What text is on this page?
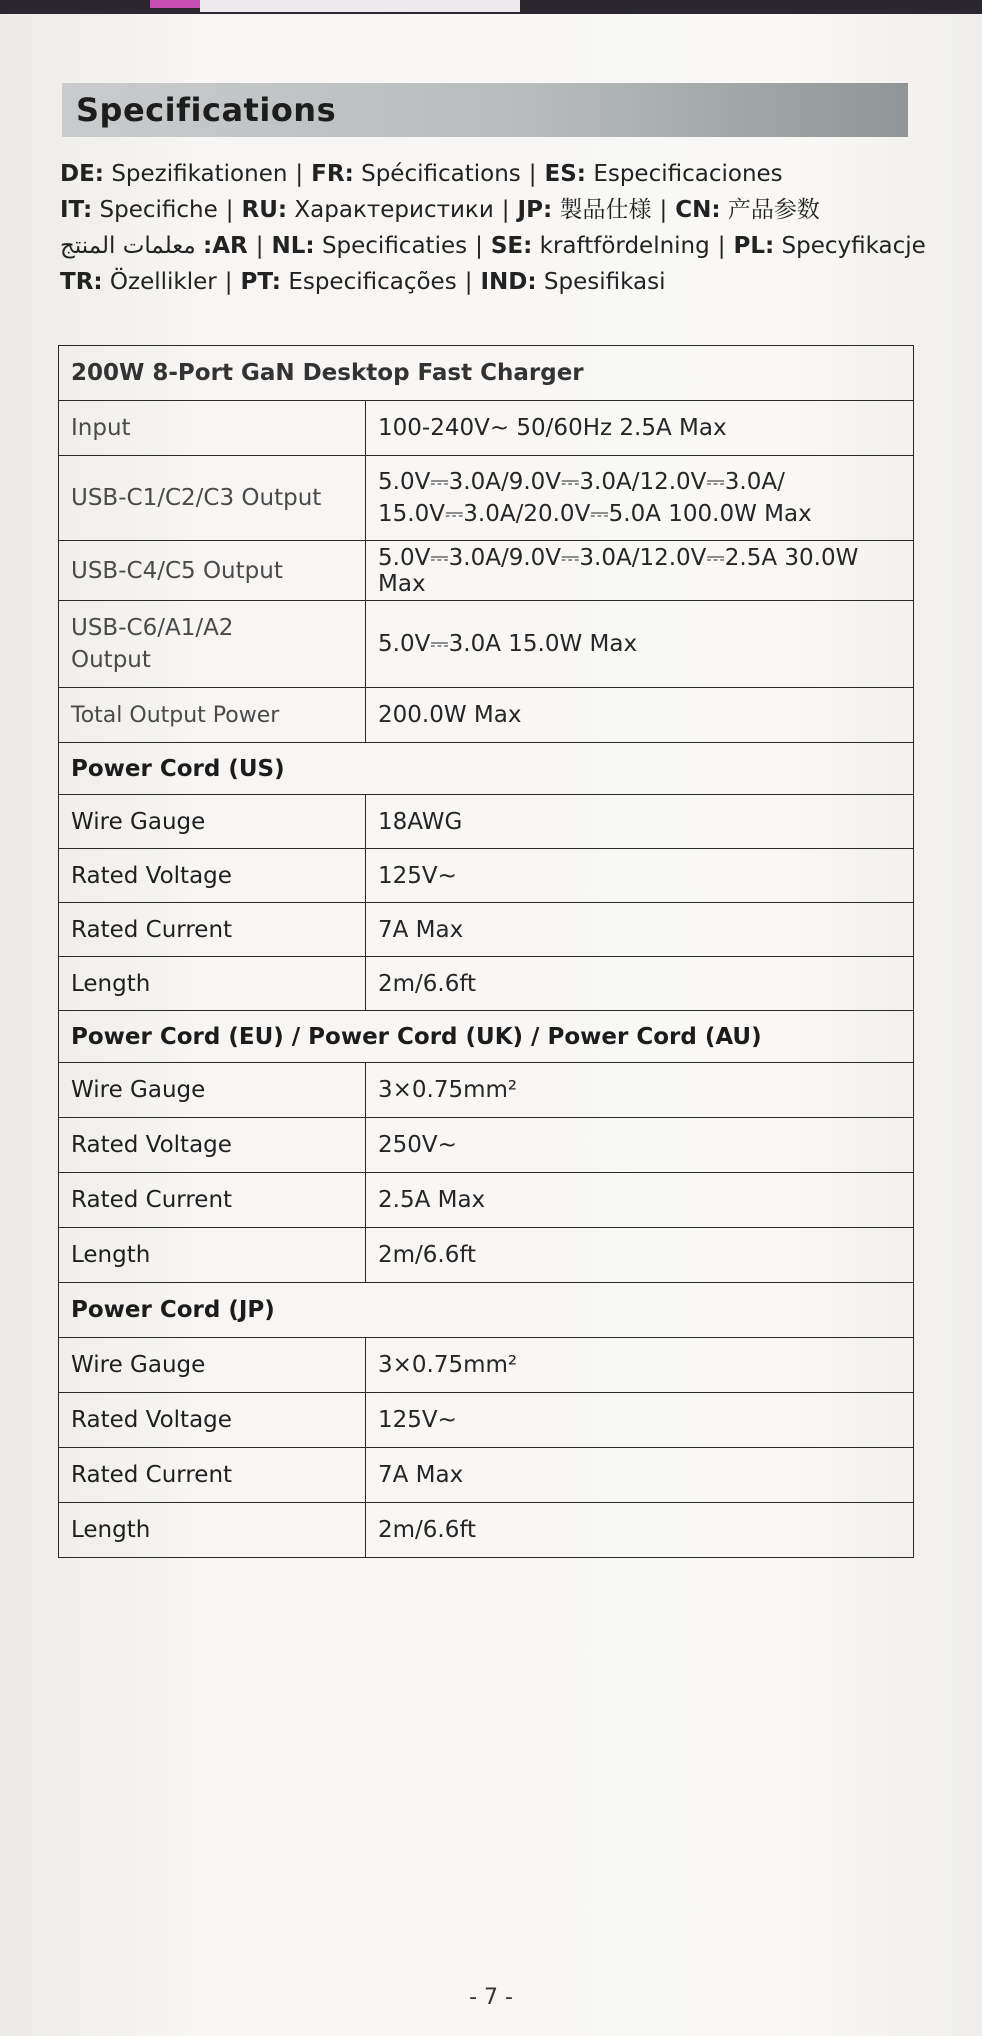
Specifications
DE: Spezifikationen | FR: Spécifications | ES: Especificaciones
IT: Specifiche | RU: Характеристики | JP: 製品仕様 | CN: 产品参数
معلمات المنتج :AR | NL: Specificaties | SE: kraftfördelning | PL: Specyfikacje
TR: Özellikler | PT: Especificações | IND: Spesifikasi
200W 8-Port GaN Desktop Fast Charger	
Input	100-240V~ 50/60Hz 2.5A Max
USB-C1/C2/C3 Output	5.0V⎓3.0A/9.0V⎓3.0A/12.0V⎓3.0A/ 15.0V⎓3.0A/20.0V⎓5.0A 100.0W Max
USB-C4/C5 Output	5.0V⎓3.0A/9.0V⎓3.0A/12.0V⎓2.5A 30.0W Max
USB-C6/A1/A2 Output	5.0V⎓3.0A 15.0W Max
Total Output Power	200.0W Max
Power Cord (US)	
Wire Gauge	18AWG
Rated Voltage	125V~
Rated Current	7A Max
Length	2m/6.6ft
Power Cord (EU) / Power Cord (UK) / Power Cord (AU)	
Wire Gauge	3×0.75mm²
Rated Voltage	250V~
Rated Current	2.5A Max
Length	2m/6.6ft
Power Cord (JP)	
Wire Gauge	3×0.75mm²
Rated Voltage	125V~
Rated Current	7A Max
Length	2m/6.6ft
- 7 -
